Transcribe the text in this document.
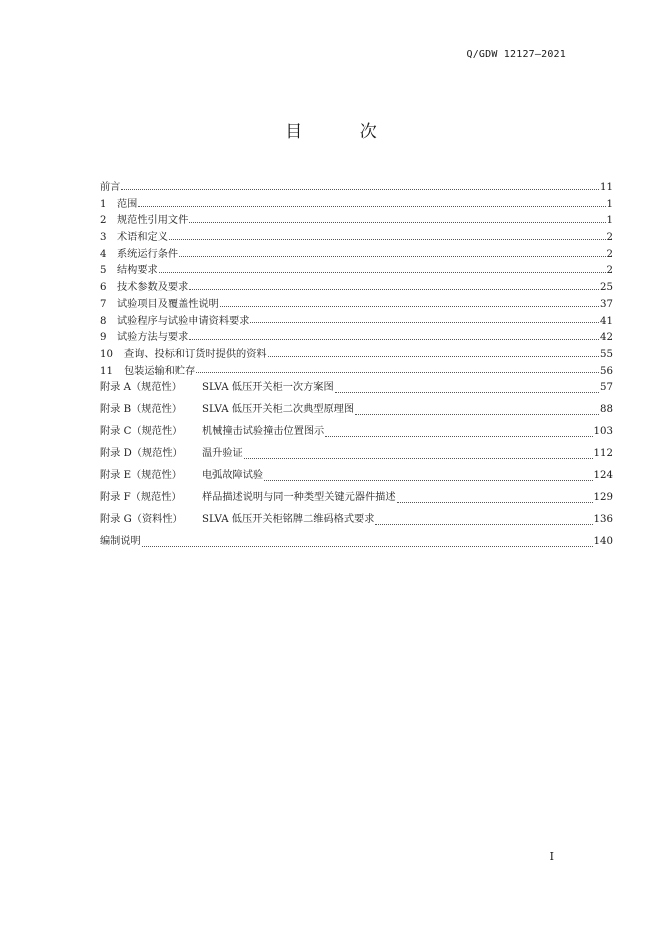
Q/GDW 12127—2021
目 次
前言	11
1 范围	1
2 规范性引用文件	1
3 术语和定义	2
4 系统运行条件	2
5 结构要求	2
6 技术参数及要求	25
7 试验项目及覆盖性说明	37
8 试验程序与试验申请资料要求	41
9 试验方法与要求	42
10 查询、投标和订货时提供的资料	55
11 包装运输和贮存	56
附录 A（规范性） SLVA 低压开关柜一次方案图	57
附录 B（规范性） SLVA 低压开关柜二次典型原理图	88
附录 C（规范性） 机械撞击试验撞击位置图示	103
附录 D（规范性） 温升验证	112
附录 E（规范性） 电弧故障试验	124
附录 F（规范性） 样品描述说明与同一种类型关键元器件描述	129
附录 G（资料性） SLVA 低压开关柜铭牌二维码格式要求	136
编制说明	140
I
